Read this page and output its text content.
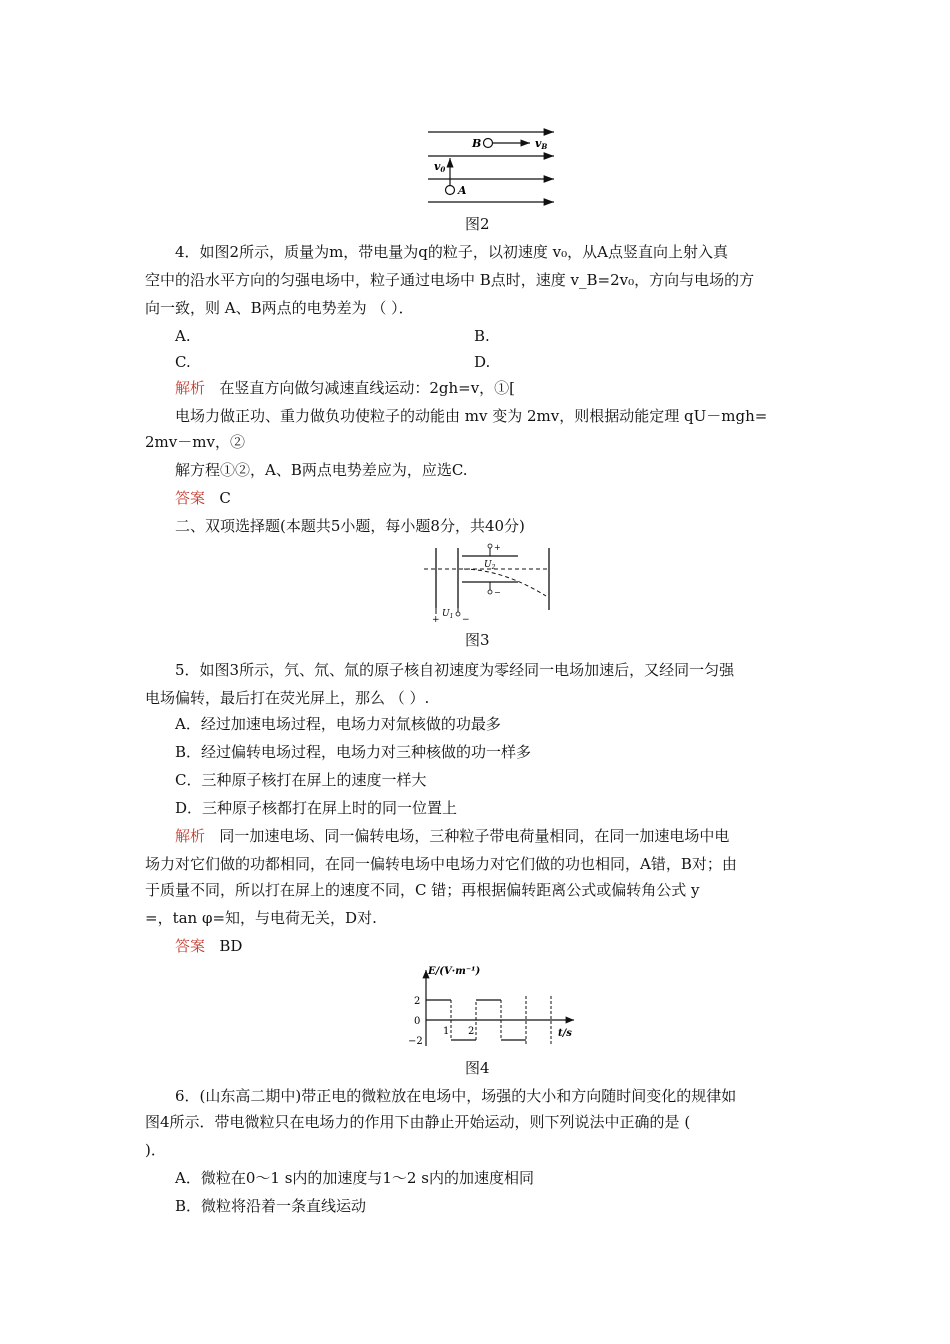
B	vB
v0
A
图2
4．如图2所示，质量为m，带电量为q的粒子，以初速度 v₀，从A点竖直向上射入真
空中的沿水平方向的匀强电场中，粒子通过电场中 B点时，速度 v_B=2v₀，方向与电场的方
向一致，则 A、B两点的电势差为 （ ）．
A.	B.
C.	D.
解析 在竖直方向做匀减速直线运动：2gh=v，①[
电场力做正功、重力做负功使粒子的动能由 mv 变为 2mv，则根据动能定理 qU－mgh=
2mv－mv，②
解方程①②，A、B两点电势差应为，应选C.
答案 C
二、双项选择题(本题共5小题，每小题8分，共40分)
+
−
$U_2$
+
$U_1$ −
图3
5．如图3所示，氕、氘、氚的原子核自初速度为零经同一电场加速后，又经同一匀强
电场偏转，最后打在荧光屏上，那么 （ ）.
A．经过加速电场过程，电场力对氚核做的功最多
B．经过偏转电场过程，电场力对三种核做的功一样多
C．三种原子核打在屏上的速度一样大
D．三种原子核都打在屏上时的同一位置上
解析 同一加速电场、同一偏转电场，三种粒子带电荷量相同，在同一加速电场中电
场力对它们做的功都相同，在同一偏转电场中电场力对它们做的功也相同，A错，B对；由
于质量不同，所以打在屏上的速度不同，C 错；再根据偏转距离公式或偏转角公式 y
=，tan φ=知，与电荷无关，D对.
答案 BD
E/(V·m⁻¹)
t/s
2
0
−2
1 2
图4
6．(山东高二期中)带正电的微粒放在电场中，场强的大小和方向随时间变化的规律如
图4所示．带电微粒只在电场力的作用下由静止开始运动，则下列说法中正确的是 (
)．
A．微粒在0～1 s内的加速度与1～2 s内的加速度相同
B．微粒将沿着一条直线运动
